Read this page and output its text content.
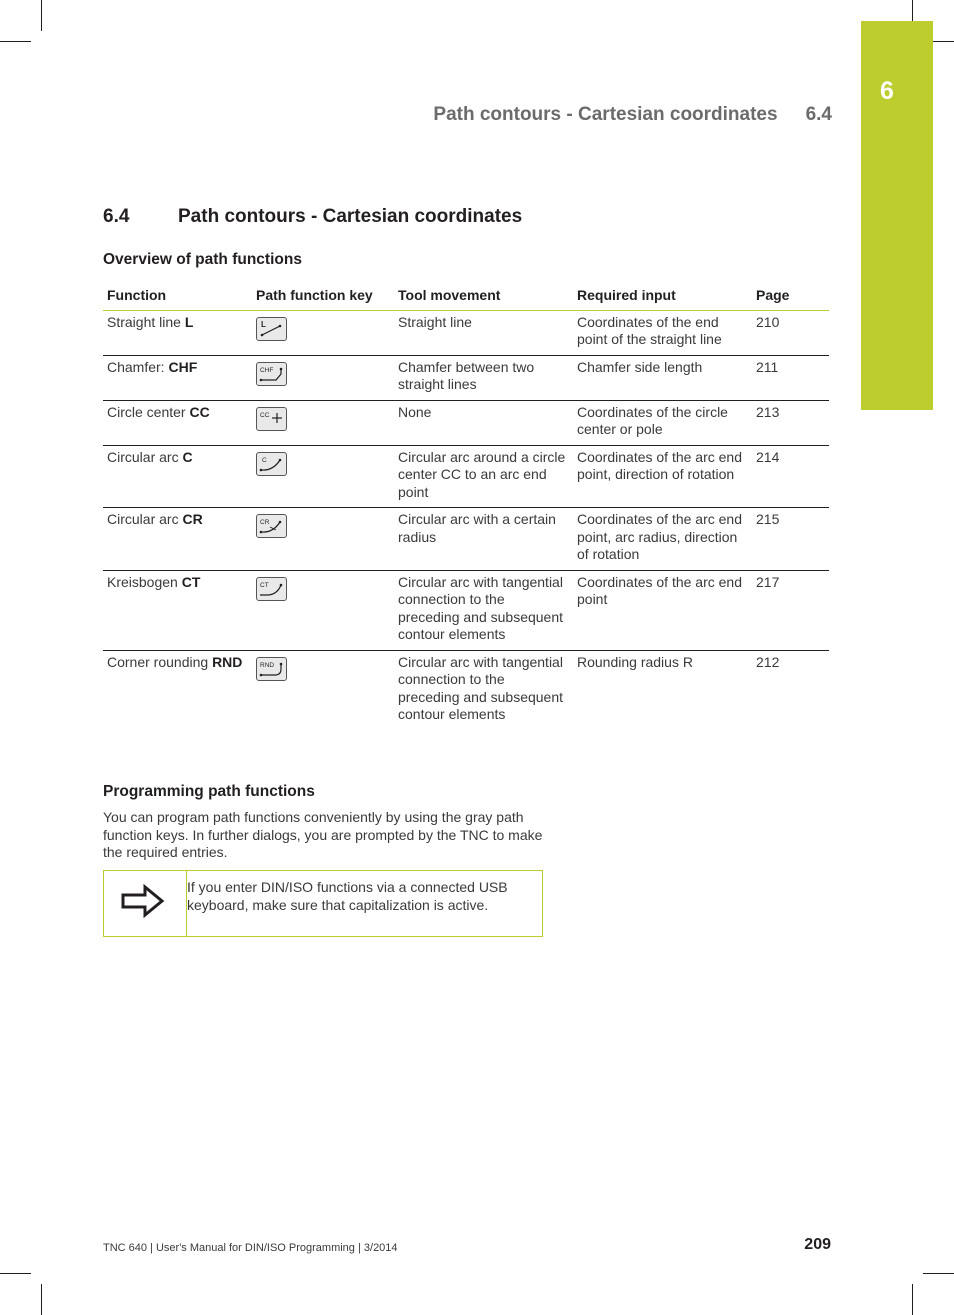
6
Path contours - Cartesian coordinates 6.4
6.4	Path contours - Cartesian coordinates
Overview of path functions
Function	Path function key	Tool movement	Required input	Page
Straight line L	L	Straight line	Coordinates of the end point of the straight line	210
Chamfer: CHF	CHF	Chamfer between two straight lines	Chamfer side length	211
Circle center CC	CC	None	Coordinates of the circle center or pole	213
Circular arc C	C	Circular arc around a circle center CC to an arc end point	Coordinates of the arc end point, direction of rotation	214
Circular arc CR	CR	Circular arc with a certain radius	Coordinates of the arc end point, arc radius, direction of rotation	215
Kreisbogen CT	CT	Circular arc with tangential connection to the preceding and subsequent contour elements	Coordinates of the arc end point	217
Corner rounding RND	RND	Circular arc with tangential connection to the preceding and subsequent contour elements	Rounding radius R	212
Programming path functions
You can program path functions conveniently by using the gray path function keys. In further dialogs, you are prompted by the TNC to make the required entries.
If you enter DIN/ISO functions via a connected USB keyboard, make sure that capitalization is active.
TNC 640 | User's Manual for DIN/ISO Programming | 3/2014	209
